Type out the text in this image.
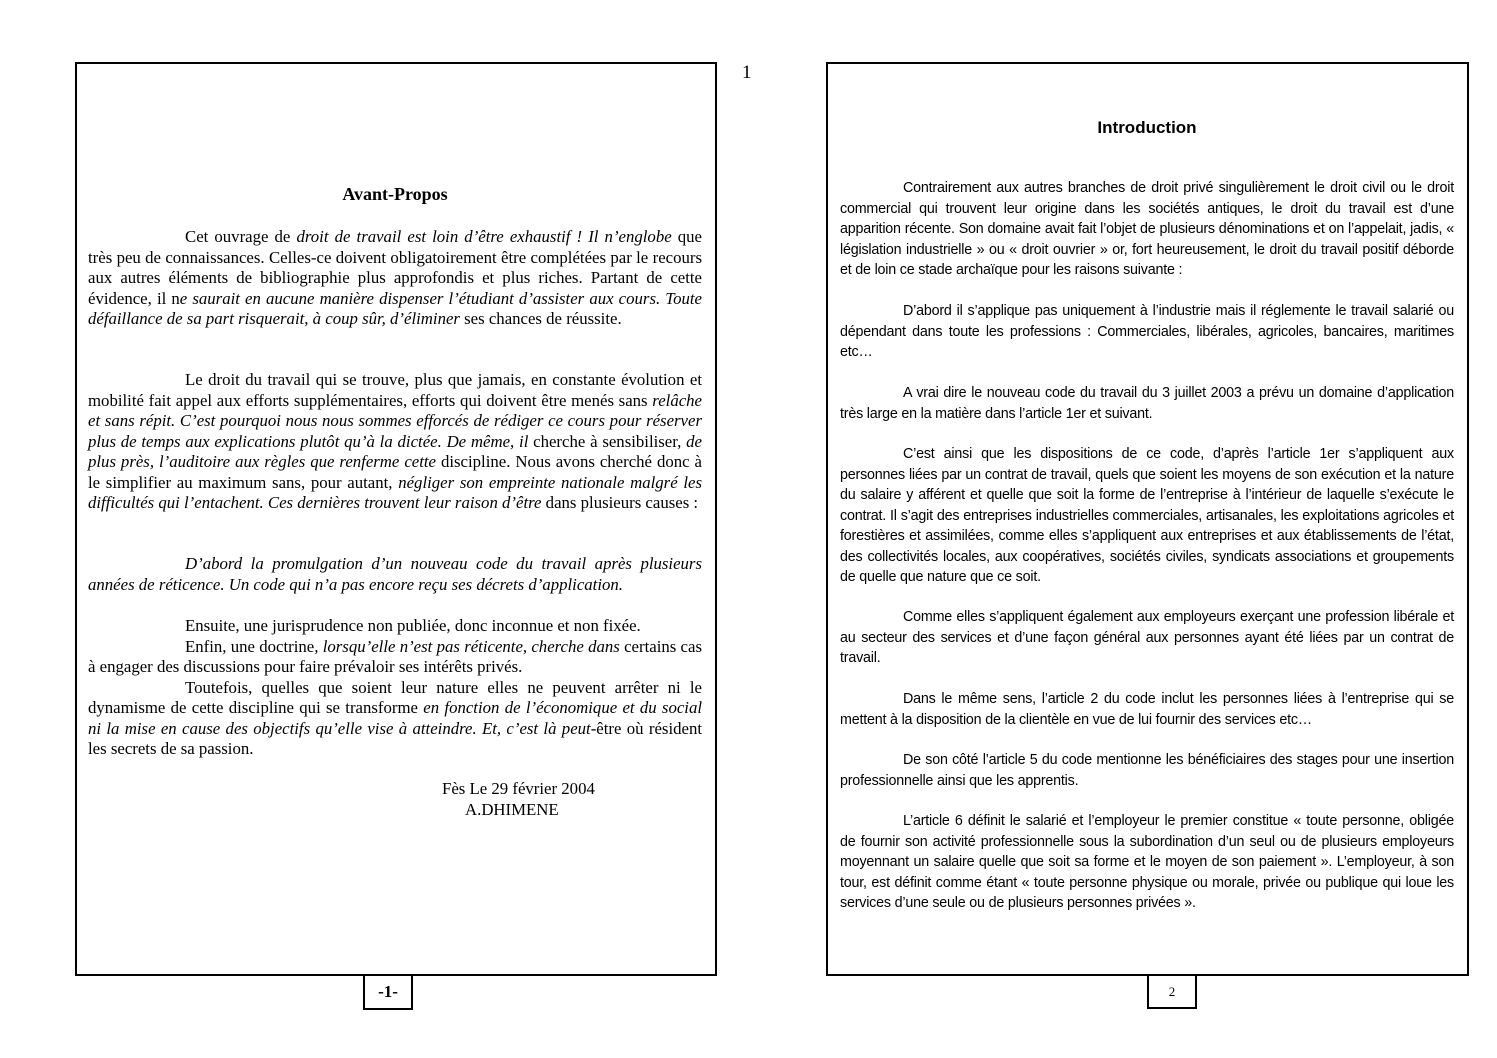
1
Avant-Propos

Cet ouvrage de droit de travail est loin d’être exhaustif ! Il n’englobe que très peu de connaissances. Celles-ce doivent obligatoirement être complétées par le recours aux autres éléments de bibliographie plus approfondis et plus riches. Partant de cette évidence, il ne saurait en aucune manière dispenser l’étudiant d’assister aux cours. Toute défaillance de sa part risquerait, à coup sûr, d’éliminer ses chances de réussite.

Le droit du travail qui se trouve, plus que jamais, en constante évolution et mobilité fait appel aux efforts supplémentaires, efforts qui doivent être menés sans relâche et sans répit. C’est pourquoi nous nous sommes efforcés de rédiger ce cours pour réserver plus de temps aux explications plutôt qu’à la dictée. De même, il cherche à sensibiliser, de plus près, l’auditoire aux règles que renferme cette discipline. Nous avons cherché donc à le simplifier au maximum sans, pour autant, négliger son empreinte nationale malgré les difficultés qui l’entachent. Ces dernières trouvent leur raison d’être dans plusieurs causes :

D’abord la promulgation d’un nouveau code du travail après plusieurs années de réticence. Un code qui n’a pas encore reçu ses décrets d’application.

Ensuite, une jurisprudence non publiée, donc inconnue et non fixée.

Enfin, une doctrine, lorsqu’elle n’est pas réticente, cherche dans certains cas à engager des discussions pour faire prévaloir ses intérêts privés.

Toutefois, quelles que soient leur nature elles ne peuvent arrêter ni le dynamisme de cette discipline qui se transforme en fonction de l’économique et du social ni la mise en cause des objectifs qu’elle vise à atteindre. Et, c’est là peut-être où résident les secrets de sa passion.

Fès Le 29 février 2004
A.DHIMENE
-1-
Introduction

Contrairement aux autres branches de droit privé singulièrement le droit civil ou le droit commercial qui trouvent leur origine dans les sociétés antiques, le droit du travail est d’une apparition récente. Son domaine avait fait l’objet de plusieurs dénominations et on l’appelait, jadis, « législation industrielle » ou « droit ouvrier » or, fort heureusement, le droit du travail positif déborde et de loin ce stade archaïque pour les raisons suivante :

D’abord il s’applique pas uniquement à l’industrie mais il réglemente le travail salarié ou dépendant dans toute les professions : Commerciales, libérales, agricoles, bancaires, maritimes etc…

A vrai dire le nouveau code du travail du 3 juillet 2003 a prévu un domaine d’application très large en la matière dans l’article 1er et suivant.

C’est ainsi que les dispositions de ce code, d’après l’article 1er s’appliquent aux personnes liées par un contrat de travail, quels que soient les moyens de son exécution et la nature du salaire y afférent et quelle que soit la forme de l’entreprise à l’intérieur de laquelle s’exécute le contrat. Il s’agit des entreprises industrielles commerciales, artisanales, les exploitations agricoles et forestières et assimilées, comme elles s’appliquent aux entreprises et aux établissements de l’état, des collectivités locales, aux coopératives, sociétés civiles, syndicats associations et groupements de quelle que nature que ce soit.

Comme elles s’appliquent également aux employeurs exerçant une profession libérale et au secteur des services et d’une façon général aux personnes ayant été liées par un contrat de travail.

Dans le même sens, l’article 2 du code inclut les personnes liées à l’entreprise qui se mettent à la disposition de la clientèle en vue de lui fournir des services etc…

De son côté l’article 5 du code mentionne les bénéficiaires des stages pour une insertion professionnelle ainsi que les apprentis.

L’article 6 définit le salarié et l’employeur le premier constitue « toute personne, obligée de fournir son activité professionnelle sous la subordination d’un seul ou de plusieurs employeurs moyennant un salaire quelle que soit sa forme et le moyen de son paiement ». L’employeur, à son tour, est définit comme étant « toute personne physique ou morale, privée ou publique qui loue les services d’une seule ou de plusieurs personnes privées ».

2
